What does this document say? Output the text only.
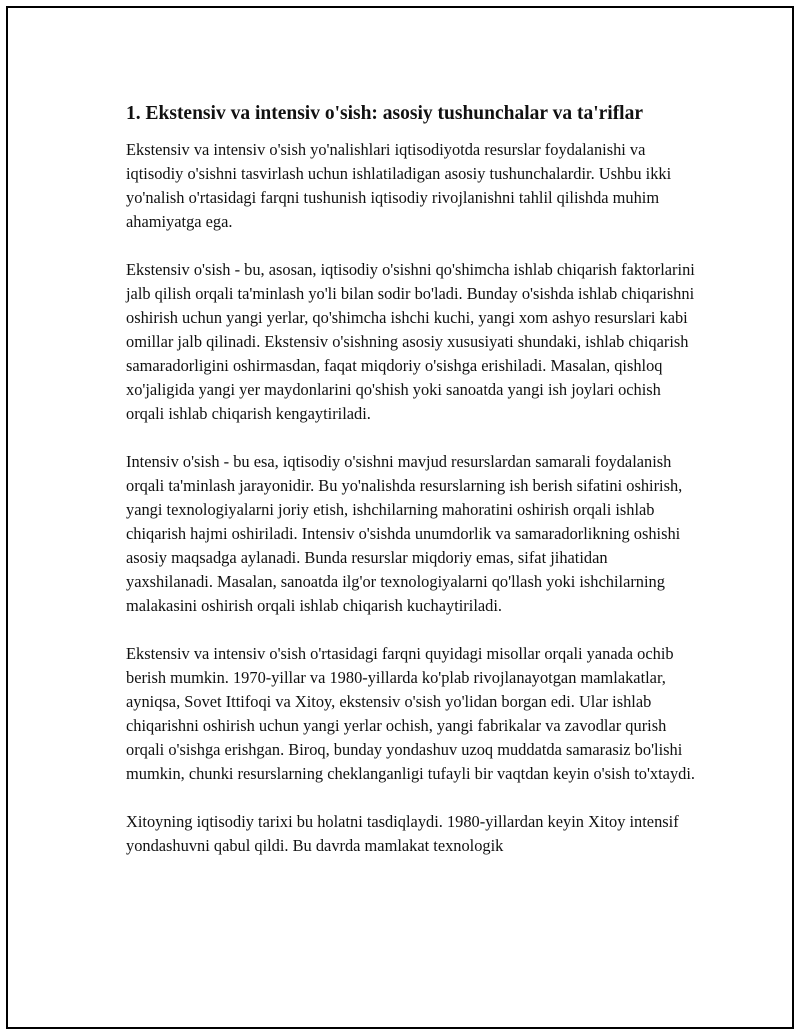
1. Ekstensiv va intensiv o'sish: asosiy tushunchalar va ta'riflar

Ekstensiv va intensiv o'sish yo'nalishlari iqtisodiyotda resurslar foydalanishi va iqtisodiy o'sishni tasvirlash uchun ishlatiladigan asosiy tushunchalardir. Ushbu ikki yo'nalish o'rtasidagi farqni tushunish iqtisodiy rivojlanishni tahlil qilishda muhim ahamiyatga ega.

Ekstensiv o'sish - bu, asosan, iqtisodiy o'sishni qo'shimcha ishlab chiqarish faktorlarini jalb qilish orqali ta'minlash yo'li bilan sodir bo'ladi. Bunday o'sishda ishlab chiqarishni oshirish uchun yangi yerlar, qo'shimcha ishchi kuchi, yangi xom ashyo resurslari kabi omillar jalb qilinadi. Ekstensiv o'sishning asosiy xususiyati shundaki, ishlab chiqarish samaradorligini oshirmasdan, faqat miqdoriy o'sishga erishiladi. Masalan, qishloq xo'jaligida yangi yer maydonlarini qo'shish yoki sanoatda yangi ish joylari ochish orqali ishlab chiqarish kengaytiriladi.

Intensiv o'sish - bu esa, iqtisodiy o'sishni mavjud resurslardan samarali foydalanish orqali ta'minlash jarayonidir. Bu yo'nalishda resurslarning ish berish sifatini oshirish, yangi texnologiyalarni joriy etish, ishchilarning mahoratini oshirish orqali ishlab chiqarish hajmi oshiriladi. Intensiv o'sishda unumdorlik va samaradorlikning oshishi asosiy maqsadga aylanadi. Bunda resurslar miqdoriy emas, sifat jihatidan yaxshilanadi. Masalan, sanoatda ilg'or texnologiyalarni qo'llash yoki ishchilarning malakasini oshirish orqali ishlab chiqarish kuchaytiriladi.

Ekstensiv va intensiv o'sish o'rtasidagi farqni quyidagi misollar orqali yanada ochib berish mumkin. 1970-yillar va 1980-yillarda ko'plab rivojlanayotgan mamlakatlar, ayniqsa, Sovet Ittifoqi va Xitoy, ekstensiv o'sish yo'lidan borgan edi. Ular ishlab chiqarishni oshirish uchun yangi yerlar ochish, yangi fabrikalar va zavodlar qurish orqali o'sishga erishgan. Biroq, bunday yondashuv uzoq muddatda samarasiz bo'lishi mumkin, chunki resurslarning cheklanganligi tufayli bir vaqtdan keyin o'sish to'xtaydi.

Xitoyning iqtisodiy tarixi bu holatni tasdiqlaydi. 1980-yillardan keyin Xitoy intensif yondashuvni qabul qildi. Bu davrda mamlakat texnologik
